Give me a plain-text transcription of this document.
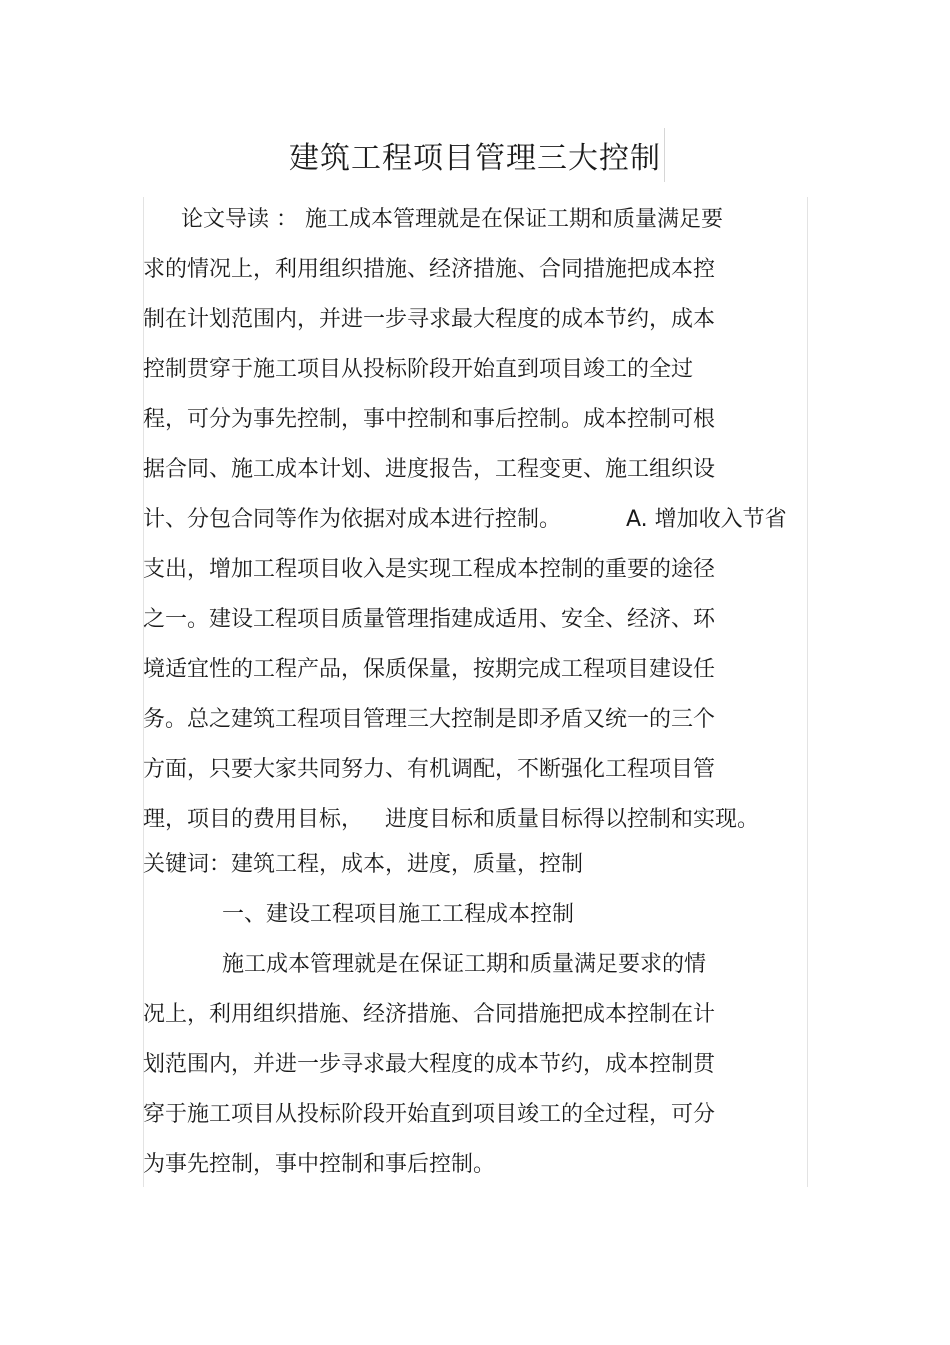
建筑工程项目管理三大控制
论文导读 ： 施工成本管理就是在保证工期和质量满足要
求的情况上，利用组织措施、经济措施、合同措施把成本控
制在计划范围内，并进一步寻求最大程度的成本节约，成本
控制贯穿于施工项目从投标阶段开始直到项目竣工的全过
程，可分为事先控制，事中控制和事后控制。成本控制可根
据合同、施工成本计划、进度报告，工程变更、施工组织设
计、分包合同等作为依据对成本进行控制。	A. 增加收入节省
支出，增加工程项目收入是实现工程成本控制的重要的途径
之一。建设工程项目质量管理指建成适用、安全、经济、环
境适宜性的工程产品，保质保量，按期完成工程项目建设任
务。总之建筑工程项目管理三大控制是即矛盾又统一的三个
方面，只要大家共同努力、有机调配，不断强化工程项目管
理，项目的费用目标， 进度目标和质量目标得以控制和实现。
关键词：建筑工程，成本，进度，质量，控制
一、建设工程项目施工工程成本控制
施工成本管理就是在保证工期和质量满足要求的情
况上，利用组织措施、经济措施、合同措施把成本控制在计
划范围内，并进一步寻求最大程度的成本节约，成本控制贯
穿于施工项目从投标阶段开始直到项目竣工的全过程，可分
为事先控制，事中控制和事后控制。
